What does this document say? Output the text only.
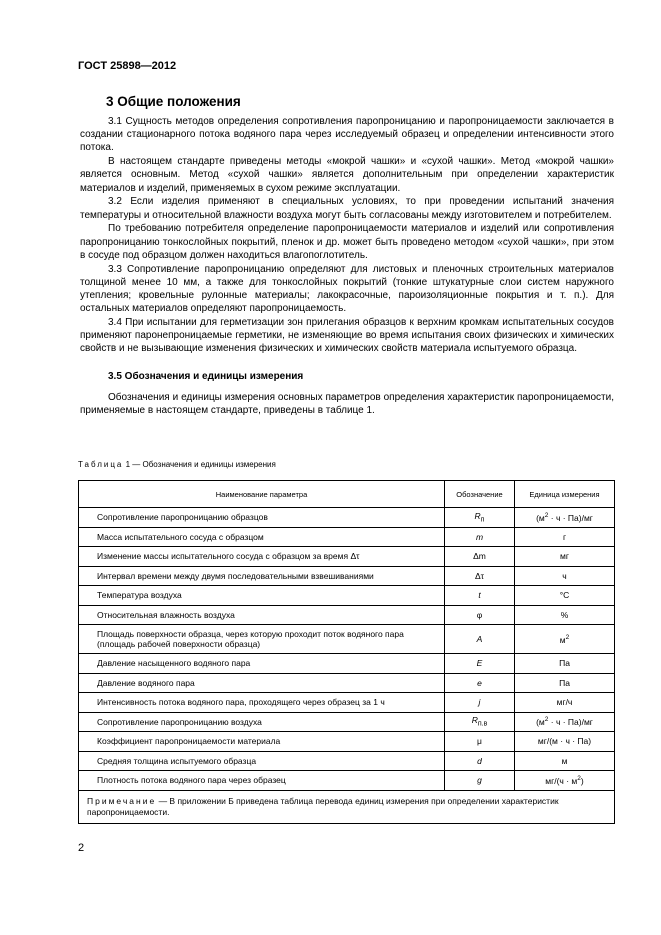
ГОСТ 25898—2012
3 Общие положения

3.1 Сущность методов определения сопротивления паропроницанию и паропроницаемости заключается в создании стационарного потока водяного пара через исследуемый образец и определении интенсивности этого потока.

В настоящем стандарте приведены методы «мокрой чашки» и «сухой чашки». Метод «мокрой чашки» является основным. Метод «сухой чашки» является дополнительным при определении характеристик материалов и изделий, применяемых в сухом режиме эксплуатации.

3.2 Если изделия применяют в специальных условиях, то при проведении испытаний значения температуры и относительной влажности воздуха могут быть согласованы между изготовителем и потребителем.

По требованию потребителя определение паропроницаемости материалов и изделий или сопротивления паропроницанию тонкослойных покрытий, пленок и др. может быть проведено методом «сухой чашки», при этом в сосуде под образцом должен находиться влагопоглотитель.

3.3 Сопротивление паропроницанию определяют для листовых и пленочных строительных материалов толщиной менее 10 мм, а также для тонкослойных покрытий (тонкие штукатурные слои систем наружного утепления; кровельные рулонные материалы; лакокрасочные, пароизоляционные покрытия и т. п.). Для остальных материалов определяют паропроницаемость.

3.4 При испытании для герметизации зон прилегания образцов к верхним кромкам испытательных сосудов применяют паронепроницаемые герметики, не изменяющие во время испытания своих физических и химических свойств и не вызывающие изменения физических и химических свойств материала испытуемого образца.

3.5 Обозначения и единицы измерения

Обозначения и единицы измерения основных параметров определения характеристик паропроницаемости, применяемые в настоящем стандарте, приведены в таблице 1.

Таблица 1 — Обозначения и единицы измерения
Наименование параметра	Обозначение	Единица измерения
Сопротивление паропроницанию образцов	$R_п$	$(м^2 \cdot ч \cdot Па)/мг$
Масса испытательного сосуда с образцом	m	г
Изменение массы испытательного сосуда с образцом за время Δτ	Δm	мг
Интервал времени между двумя последовательными взвешиваниями	Δτ	ч
Температура воздуха	t	°C
Относительная влажность воздуха	φ	%
Площадь поверхности образца, через которую проходит поток водяного пара (площадь рабочей поверхности образца)	A	$м^2$
Давление насыщенного водяного пара	E	Па
Давление водяного пара	e	Па
Интенсивность потока водяного пара, проходящего через образец за 1 ч	j	мг/ч
Сопротивление паропроницанию воздуха	$R_{п.в}$	$(м^2 \cdot ч \cdot Па)/мг$
Коэффициент паропроницаемости материала	μ	мг/(м · ч · Па)
Средняя толщина испытуемого образца	d	м
Плотность потока водяного пара через образец	g	$мг/(ч \cdot м^2)$
Примечание — В приложении Б приведена таблица перевода единиц измерения при определении характеристик паропроницаемости.		
2
